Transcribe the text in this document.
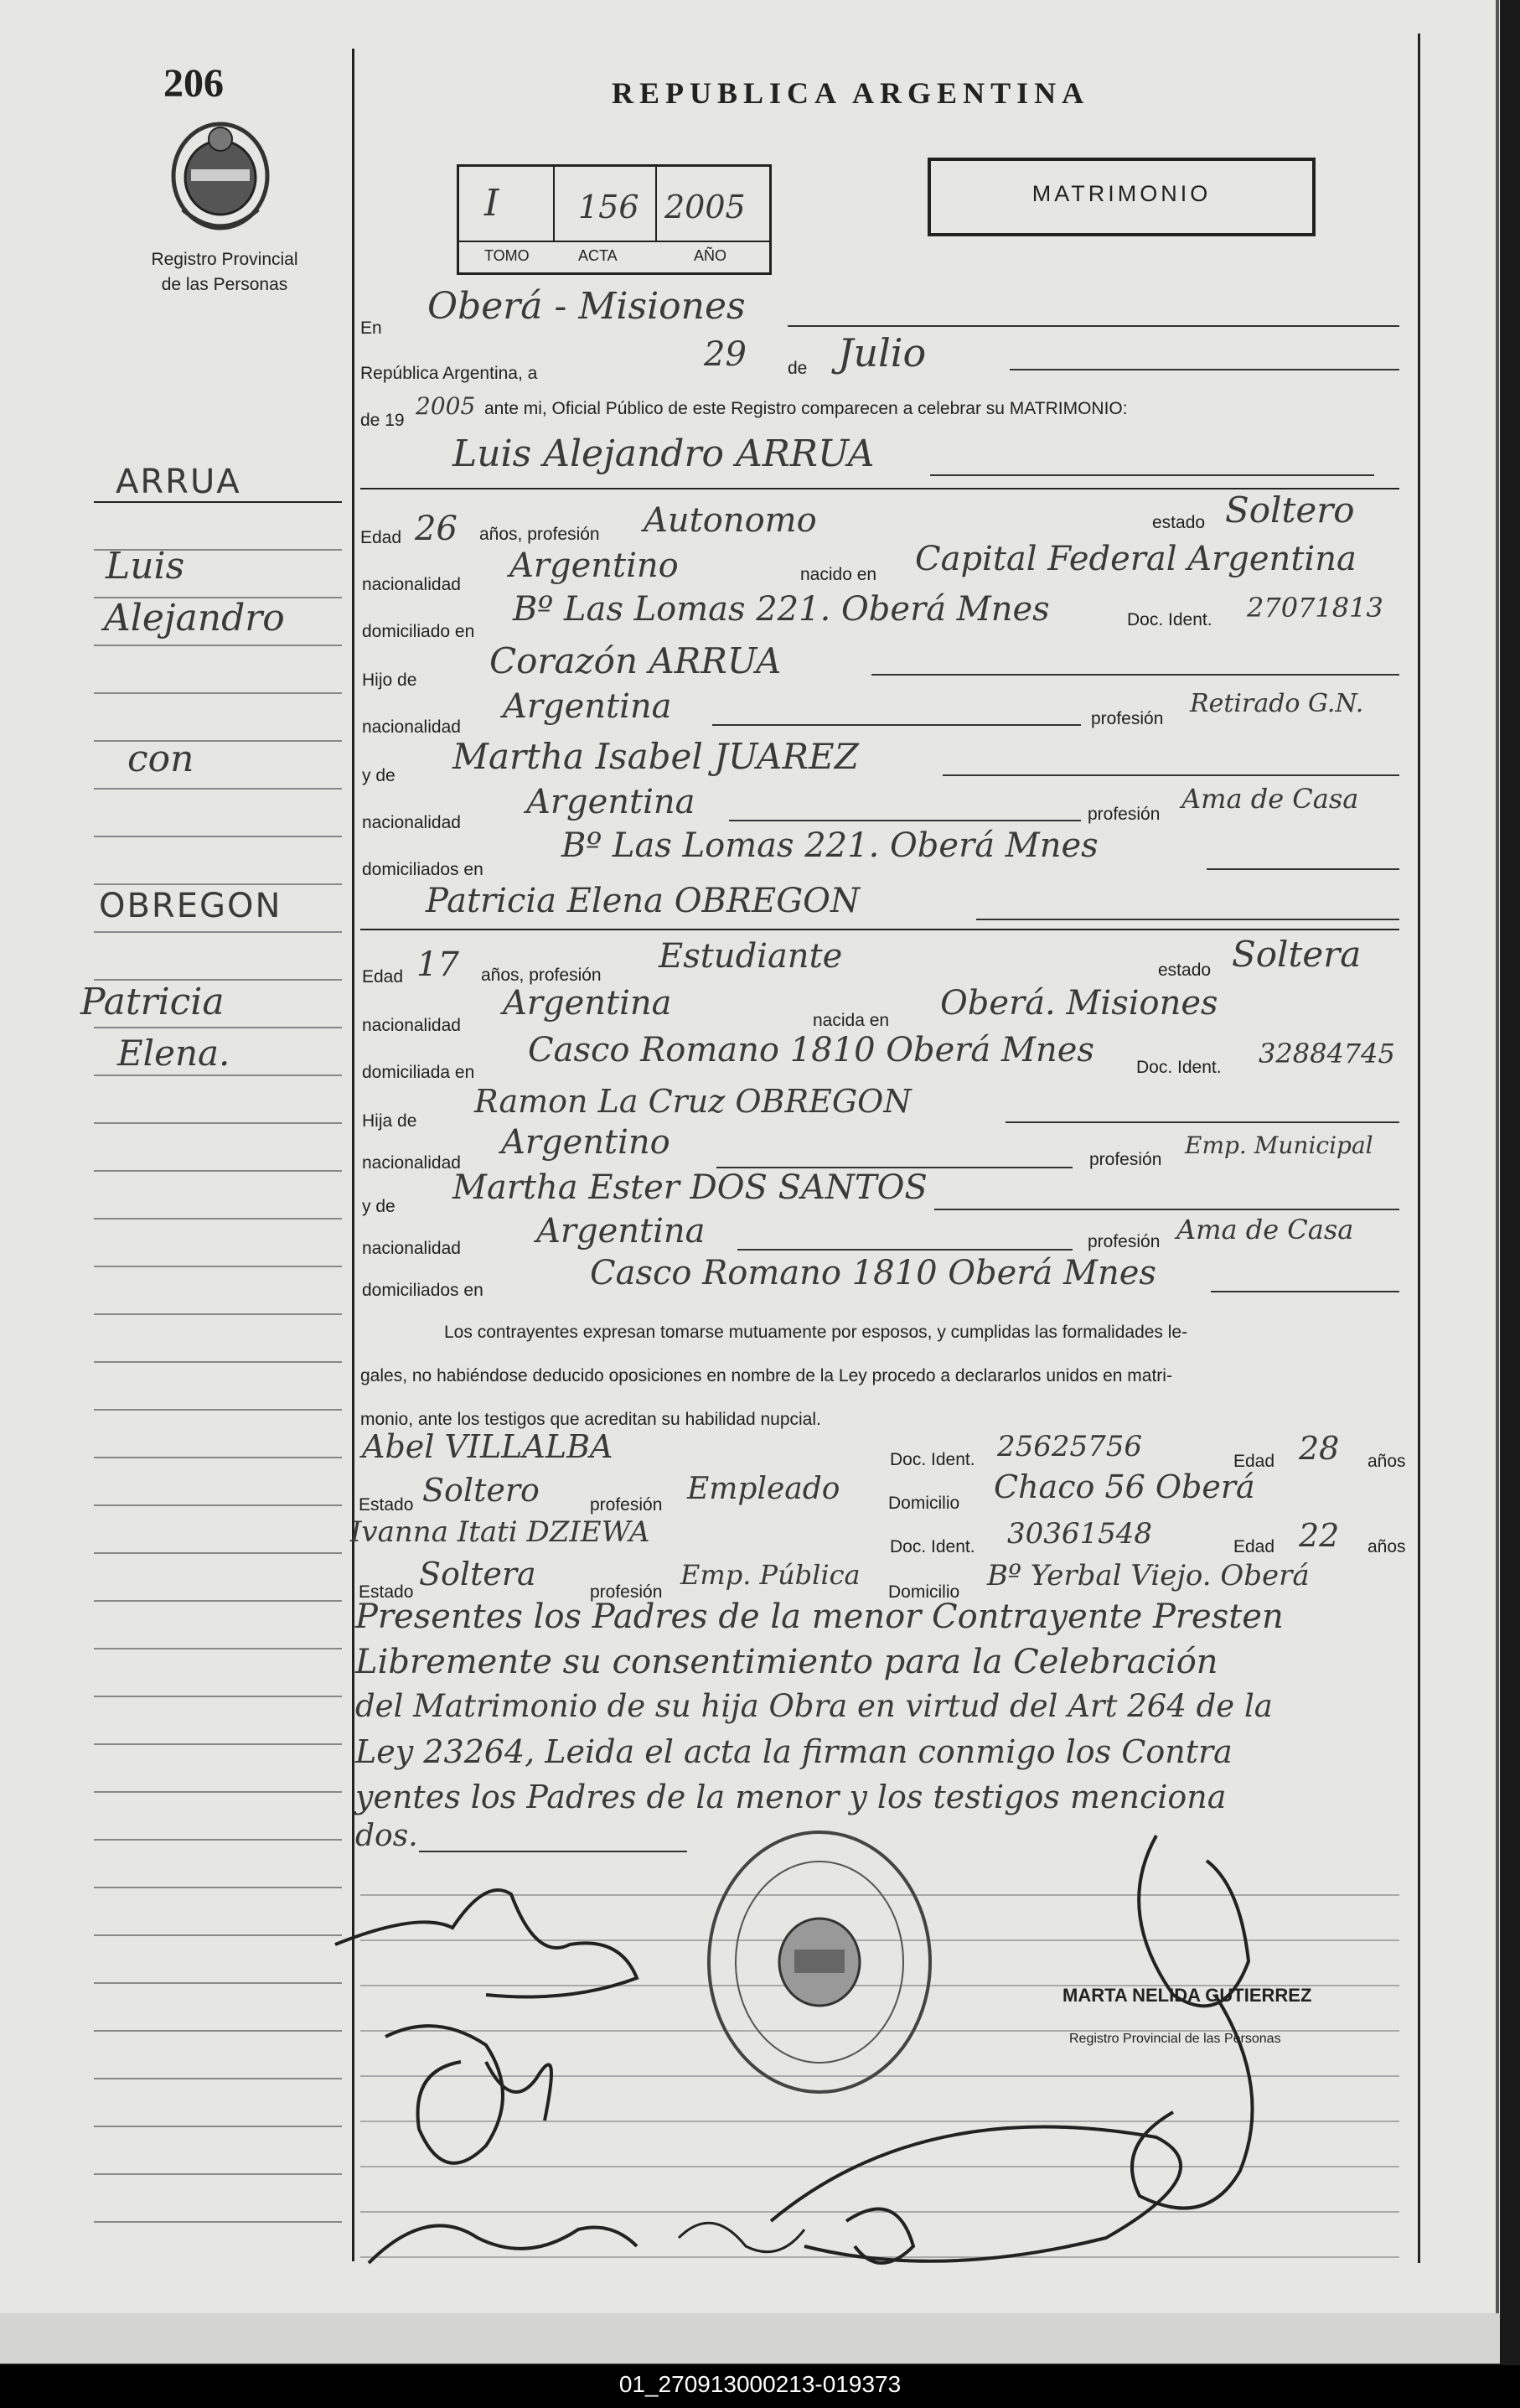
206
Registro Provincial
de las Personas
REPUBLICA ARGENTINA
I 156 2005
TOMO	ACTA	AÑO
MATRIMONIO
En
Oberá - Misiones
República Argentina, a	29 de Julio
de 19
2005 ante mi, Oficial Público de este Registro comparecen a celebrar su MATRIMONIO:
Luis Alejandro ARRUA
Edad 26 años, profesión Autonomo	estado Soltero
nacionalidad Argentino	nacido en Capital Federal Argentina
domiciliado en
Bº Las Lomas 221. Oberá Mnes	Doc. Ident. 27071813
Hijo de Corazón ARRUA
nacionalidad
Argentina	profesión
Retirado G.N.
y de Martha Isabel JUAREZ
nacionalidad
Argentina	profesión Ama de Casa
domiciliados en
Bº Las Lomas 221. Oberá Mnes
Patricia Elena OBREGON
Edad 17 años, profesión Estudiante	estado Soltera
nacionalidad
Argentina	nacida en Oberá. Misiones
domiciliada en
Casco Romano 1810 Oberá Mnes Doc. Ident. 32884745
Hija de
Ramon La Cruz OBREGON
nacionalidad
Argentino	profesión
Emp. Municipal
y de Martha Ester DOS SANTOS
nacionalidad Argentina	profesión Ama de Casa
domiciliados en	Casco Romano 1810 Oberá Mnes
Los contrayentes expresan tomarse mutuamente por esposos, y cumplidas las formalidades le-
gales, no habiéndose deducido oposiciones en nombre de la Ley procedo a declararlos unidos en matri-
monio, ante los testigos que acreditan su habilidad nupcial.
Abel VILLALBA	Doc. Ident. 25625756	Edad 28 años
Estado Soltero	profesión Empleado	Domicilio Chaco 56 Oberá
Ivanna Itati DZIEWA	Doc. Ident. 30361548	Edad 22 años
Estado Soltera	profesión
Emp. Pública
Domicilio Bº Yerbal Viejo. Oberá
Presentes los Padres de la menor Contrayente Presten
Libremente su consentimiento para la Celebración
del Matrimonio de su hija Obra en virtud del Art 264 de la
Ley 23264, Leida el acta la firman conmigo los Contra
yentes los Padres de la menor y los testigos menciona
dos.
MARTA NELIDA GUTIERREZ
Registro Provincial de las Personas
ARRUA
Luis
Alejandro
con
OBREGON
Patricia
Elena.
01_270913000213-019373
